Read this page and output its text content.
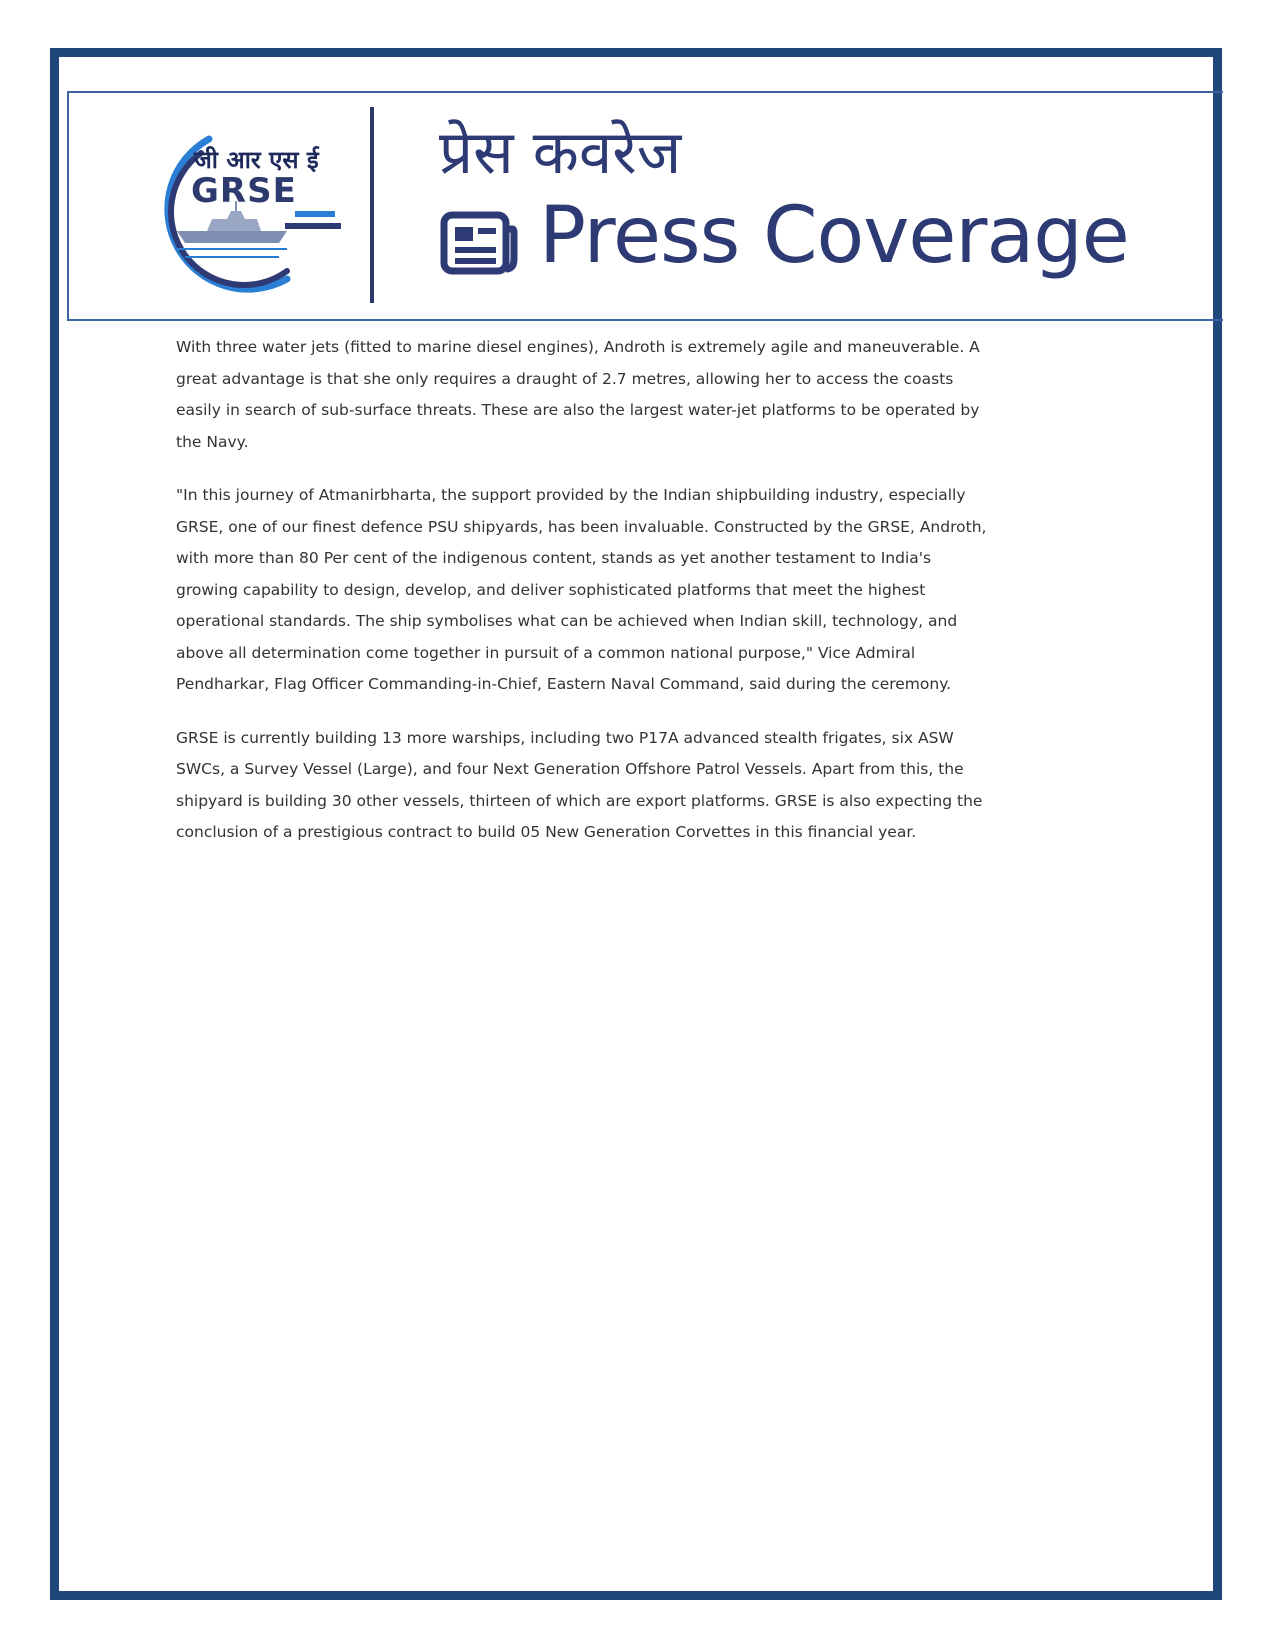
जी आर एस ई
GRSE
प्रेस कवरेज
Press Coverage

With three water jets (fitted to marine diesel engines), Androth is extremely agile and maneuverable. A great advantage is that she only requires a draught of 2.7 metres, allowing her to access the coasts easily in search of sub-surface threats. These are also the largest water-jet platforms to be operated by the Navy.

"In this journey of Atmanirbharta, the support provided by the Indian shipbuilding industry, especially GRSE, one of our finest defence PSU shipyards, has been invaluable. Constructed by the GRSE, Androth, with more than 80 Per cent of the indigenous content, stands as yet another testament to India's growing capability to design, develop, and deliver sophisticated platforms that meet the highest operational standards. The ship symbolises what can be achieved when Indian skill, technology, and above all determination come together in pursuit of a common national purpose," Vice Admiral Pendharkar, Flag Officer Commanding-in-Chief, Eastern Naval Command, said during the ceremony.

GRSE is currently building 13 more warships, including two P17A advanced stealth frigates, six ASW SWCs, a Survey Vessel (Large), and four Next Generation Offshore Patrol Vessels. Apart from this, the shipyard is building 30 other vessels, thirteen of which are export platforms. GRSE is also expecting the conclusion of a prestigious contract to build 05 New Generation Corvettes in this financial year.
